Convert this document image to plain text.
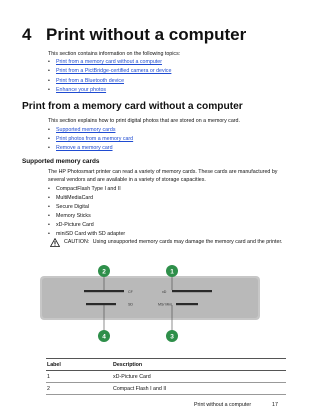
4 Print without a computer
This section contains information on the following topics:
• Print from a memory card without a computer
• Print from a PictBridge-certified camera or device
• Print from a Bluetooth device
• Enhance your photos
Print from a memory card without a computer
This section explains how to print digital photos that are stored on a memory card.
• Supported memory cards
• Print photos from a memory card
• Remove a memory card
Supported memory cards
The HP Photosmart printer can read a variety of memory cards. These cards are manufactured by several vendors and are available in a variety of storage capacities.
• CompactFlash Type I and II
• MultiMediaCard
• Secure Digital
• Memory Sticks
• xD-Picture Card
• miniSD Card with SD adapter
CAUTION: Using unsupported memory cards may damage the memory card and the printer.
CF
SD
xD
MS/ Mini
2	1
4	3
Label	Description
1	xD-Picture Card
2	Compact Flash I and II
Print without a computer	17
